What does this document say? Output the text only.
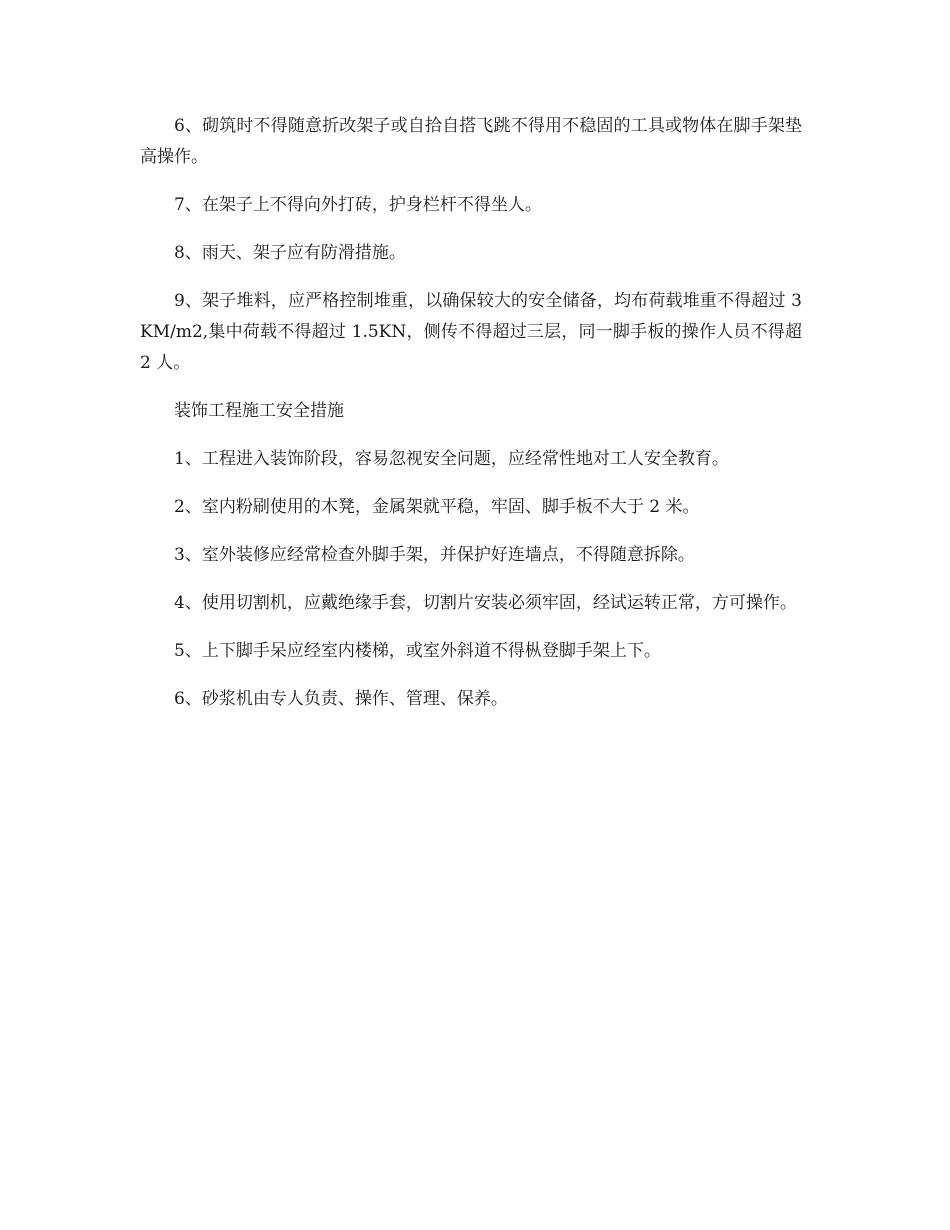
6、砌筑时不得随意折改架子或自拾自搭飞跳不得用不稳固的工具或物体在脚手架垫高操作。

7、在架子上不得向外打砖，护身栏杆不得坐人。

8、雨天、架子应有防滑措施。

9、架子堆料，应严格控制堆重，以确保较大的安全储备，均布荷载堆重不得超过 3KM/m2,集中荷载不得超过 1.5KN，侧传不得超过三层，同一脚手板的操作人员不得超 2 人。

装饰工程施工安全措施

1、工程进入装饰阶段，容易忽视安全问题，应经常性地对工人安全教育。

2、室内粉刷使用的木凳，金属架就平稳，牢固、脚手板不大于 2 米。

3、室外装修应经常检查外脚手架，并保护好连墙点，不得随意拆除。

4、使用切割机，应戴绝缘手套，切割片安装必须牢固，经试运转正常，方可操作。

5、上下脚手呆应经室内楼梯，或室外斜道不得枞登脚手架上下。

6、砂浆机由专人负责、操作、管理、保养。
